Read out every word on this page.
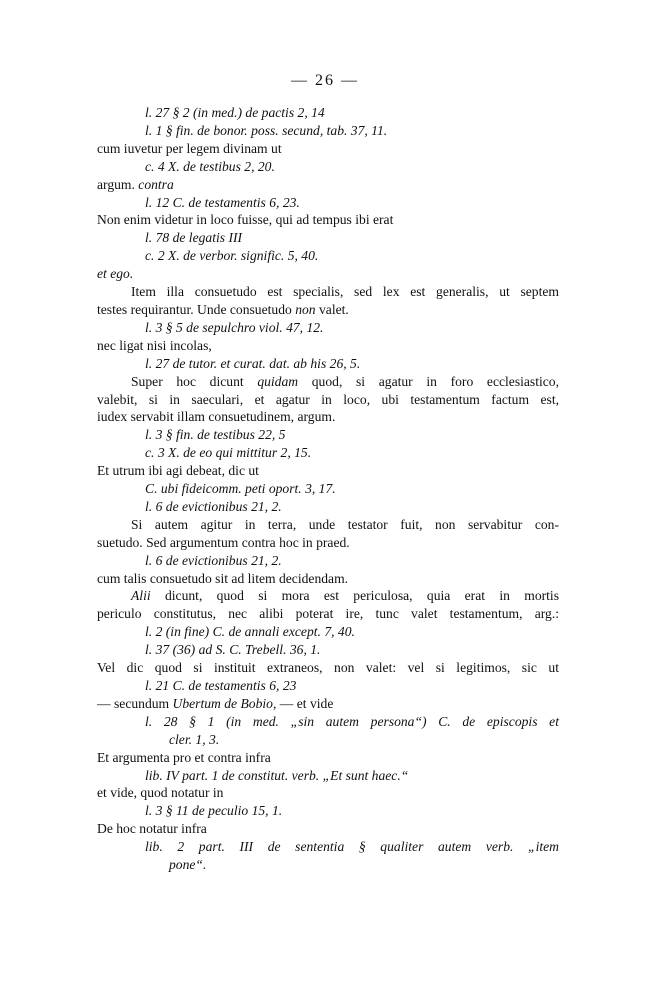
— 26 —
l. 27 § 2 (in med.) de pactis 2, 14
l. 1 § fin. de bonor. poss. secund, tab. 37, 11.
cum iuvetur per legem divinam ut
c. 4 X. de testibus 2, 20.
argum. contra
l. 12 C. de testamentis 6, 23.
Non enim videtur in loco fuisse, qui ad tempus ibi erat
l. 78 de legatis III
c. 2 X. de verbor. signific. 5, 40.
et ego.
Item illa consuetudo est specialis, sed lex est generalis, ut septem
testes requirantur. Unde consuetudo non valet.
l. 3 § 5 de sepulchro viol. 47, 12.
nec ligat nisi incolas,
l. 27 de tutor. et curat. dat. ab his 26, 5.
Super hoc dicunt quidam quod, si agatur in foro ecclesiastico,
valebit, si in saeculari, et agatur in loco, ubi testamentum factum est,
iudex servabit illam consuetudinem, argum.
l. 3 § fin. de testibus 22, 5
c. 3 X. de eo qui mittitur 2, 15.
Et utrum ibi agi debeat, dic ut
C. ubi fideicomm. peti oport. 3, 17.
l. 6 de evictionibus 21, 2.
Si autem agitur in terra, unde testator fuit, non servabitur con-
suetudo. Sed argumentum contra hoc in praed.
l. 6 de evictionibus 21, 2.
cum talis consuetudo sit ad litem decidendam.
Alii dicunt, quod si mora est periculosa, quia erat in mortis
periculo constitutus, nec alibi poterat ire, tunc valet testamentum, arg.:
l. 2 (in fine) C. de annali except. 7, 40.
l. 37 (36) ad S. C. Trebell. 36, 1.
Vel dic quod si instituit extraneos, non valet: vel si legitimos, sic ut
l. 21 C. de testamentis 6, 23
— secundum Ubertum de Bobio, — et vide
l. 28 § 1 (in med. „sin autem persona“) C. de episcopis et
cler. 1, 3.
Et argumenta pro et contra infra
lib. IV part. 1 de constitut. verb. „Et sunt haec.“
et vide, quod notatur in
l. 3 § 11 de peculio 15, 1.
De hoc notatur infra
lib. 2 part. III de sententia § qualiter autem verb. „item
pone“.
